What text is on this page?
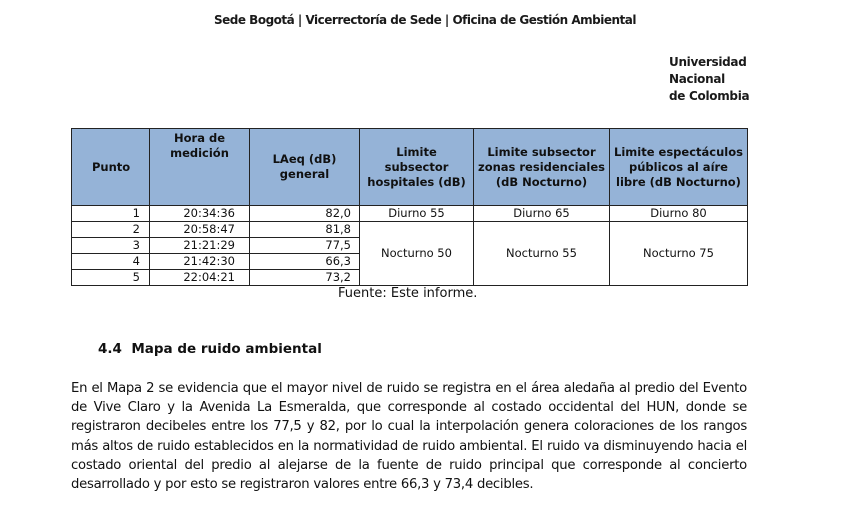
Sede Bogotá | Vicerrectoría de Sede | Oficina de Gestión Ambiental
Universidad
Nacional
de Colombia
Punto	Hora de medición	LAeq (dB) general	Limite subsector hospitales (dB)	Limite subsector zonas residenciales (dB Nocturno)	Limite espectáculos públicos al aíre libre (dB Nocturno)
1	20:34:36	82,0	Diurno 55	Diurno 65	Diurno 80
2	20:58:47	81,8	Nocturno 50	Nocturno 55	Nocturno 75
3	21:21:29	77,5			
4	21:42:30	66,3			
5	22:04:21	73,2			
Fuente: Este informe.
4.4 Mapa de ruido ambiental
En el Mapa 2 se evidencia que el mayor nivel de ruido se registra en el área aledaña al predio del Evento de Vive Claro y la Avenida La Esmeralda, que corresponde al costado occidental del HUN, donde se registraron decibeles entre los 77,5 y 82, por lo cual la interpolación genera coloraciones de los rangos más altos de ruido establecidos en la normatividad de ruido ambiental. El ruido va disminuyendo hacia el costado oriental del predio al alejarse de la fuente de ruido principal que corresponde al concierto desarrollado y por esto se registraron valores entre 66,3 y 73,4 decibles.
